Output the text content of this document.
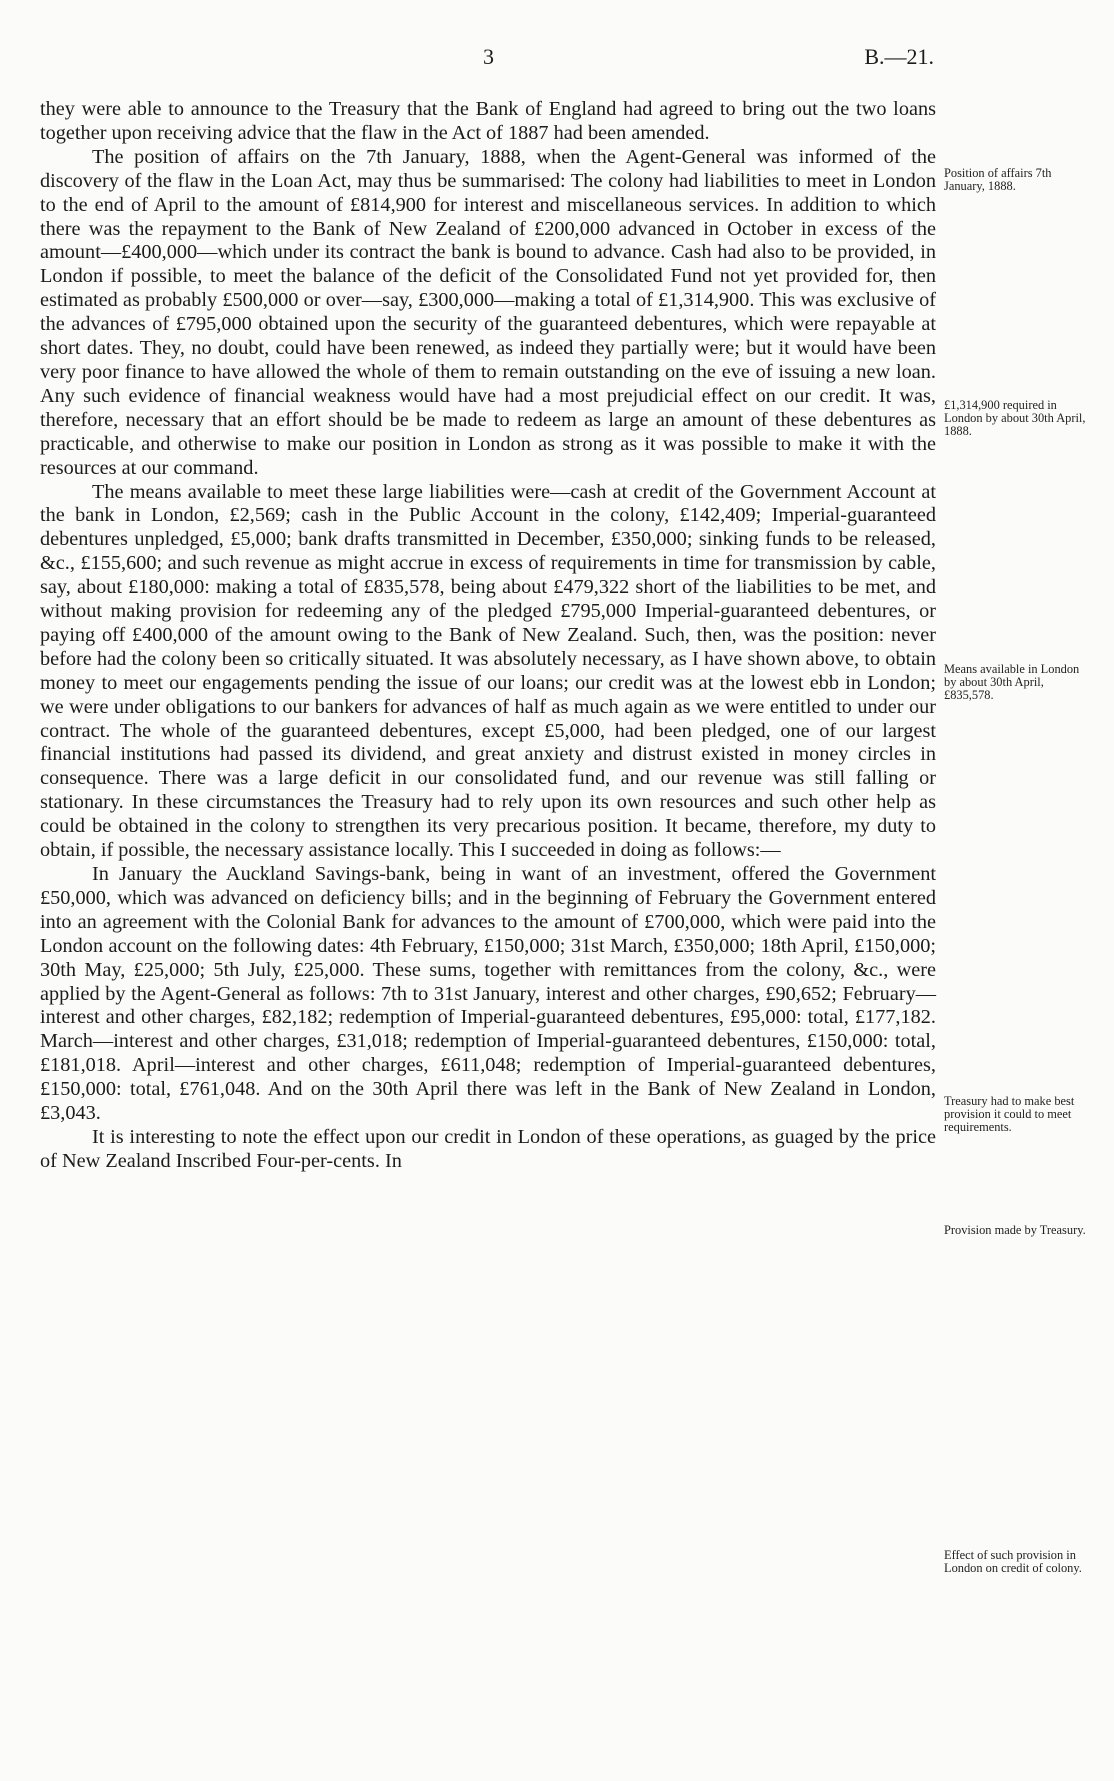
3	B.—21.

they were able to announce to the Treasury that the Bank of England had agreed to bring out the two loans together upon receiving advice that the flaw in the Act of 1887 had been amended.

The position of affairs on the 7th January, 1888, when the Agent-General was informed of the discovery of the flaw in the Loan Act, may thus be summarised: The colony had liabilities to meet in London to the end of April to the amount of £814,900 for interest and miscellaneous services. In addition to which there was the repayment to the Bank of New Zealand of £200,000 advanced in October in excess of the amount—£400,000—which under its contract the bank is bound to advance. Cash had also to be provided, in London if possible, to meet the balance of the deficit of the Consolidated Fund not yet provided for, then estimated as probably £500,000 or over—say, £300,000—making a total of £1,314,900. This was exclusive of the advances of £795,000 obtained upon the security of the guaranteed debentures, which were repayable at short dates. They, no doubt, could have been renewed, as indeed they partially were; but it would have been very poor finance to have allowed the whole of them to remain outstanding on the eve of issuing a new loan. Any such evidence of financial weakness would have had a most prejudicial effect on our credit. It was, therefore, necessary that an effort should be be made to redeem as large an amount of these debentures as practicable, and otherwise to make our position in London as strong as it was possible to make it with the resources at our command.

The means available to meet these large liabilities were—cash at credit of the Government Account at the bank in London, £2,569; cash in the Public Account in the colony, £142,409; Imperial-guaranteed debentures unpledged, £5,000; bank drafts transmitted in December, £350,000; sinking funds to be released, &c., £155,600; and such revenue as might accrue in excess of requirements in time for transmission by cable, say, about £180,000: making a total of £835,578, being about £479,322 short of the liabilities to be met, and without making provision for redeeming any of the pledged £795,000 Imperial-guaranteed debentures, or paying off £400,000 of the amount owing to the Bank of New Zealand. Such, then, was the position: never before had the colony been so critically situated. It was absolutely necessary, as I have shown above, to obtain money to meet our engagements pending the issue of our loans; our credit was at the lowest ebb in London; we were under obligations to our bankers for advances of half as much again as we were entitled to under our contract. The whole of the guaranteed debentures, except £5,000, had been pledged, one of our largest financial institutions had passed its dividend, and great anxiety and distrust existed in money circles in consequence. There was a large deficit in our consolidated fund, and our revenue was still falling or stationary. In these circumstances the Treasury had to rely upon its own resources and such other help as could be obtained in the colony to strengthen its very precarious position. It became, therefore, my duty to obtain, if possible, the necessary assistance locally. This I succeeded in doing as follows:—

In January the Auckland Savings-bank, being in want of an investment, offered the Government £50,000, which was advanced on deficiency bills; and in the beginning of February the Government entered into an agreement with the Colonial Bank for advances to the amount of £700,000, which were paid into the London account on the following dates: 4th February, £150,000; 31st March, £350,000; 18th April, £150,000; 30th May, £25,000; 5th July, £25,000. These sums, together with remittances from the colony, &c., were applied by the Agent-General as follows: 7th to 31st January, interest and other charges, £90,652; February—interest and other charges, £82,182; redemption of Imperial-guaranteed debentures, £95,000: total, £177,182. March—interest and other charges, £31,018; redemption of Imperial-guaranteed debentures, £150,000: total, £181,018. April—interest and other charges, £611,048; redemption of Imperial-guaranteed debentures, £150,000: total, £761,048. And on the 30th April there was left in the Bank of New Zealand in London, £3,043.

It is interesting to note the effect upon our credit in London of these operations, as guaged by the price of New Zealand Inscribed Four-per-cents. In

Position of affairs 7th January, 1888.
£1,314,900 required in London by about 30th April, 1888.
Means available in London by about 30th April, £835,578.
Treasury had to make best provision it could to meet requirements.
Provision made by Treasury.
Effect of such provision in London on credit of colony.
